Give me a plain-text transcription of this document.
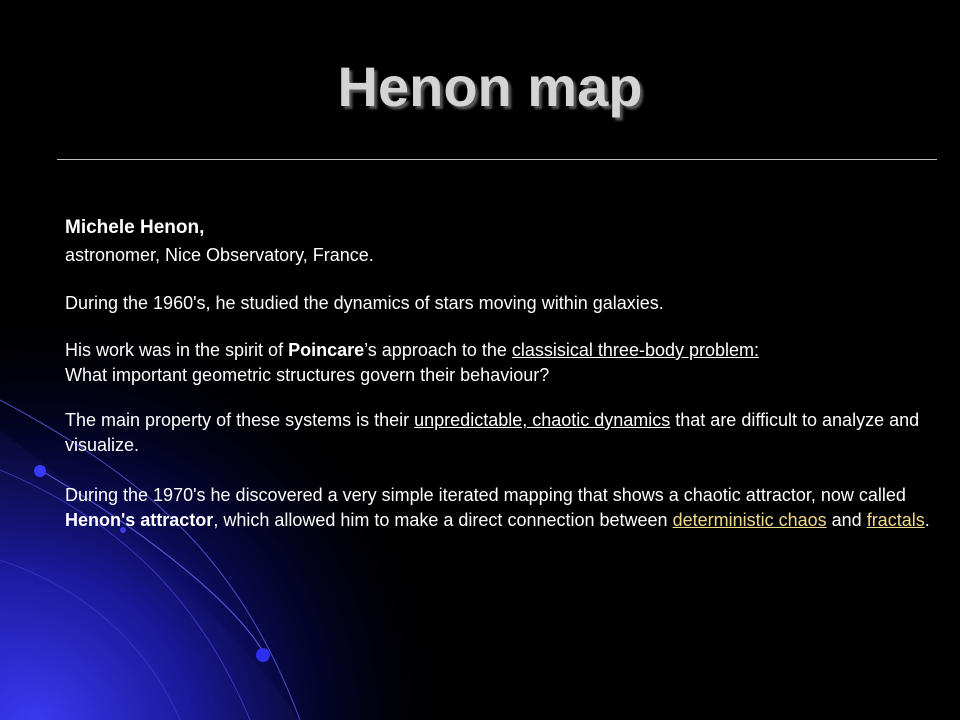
Henon map

Michele Henon,

astronomer, Nice Observatory, France.

During the 1960's, he studied the dynamics of stars moving within galaxies.

His work was in the spirit of Poincare’s approach to the classisical three-body problem:
What important geometric structures govern their behaviour?

The main property of these systems is their unpredictable, chaotic dynamics that are difficult to analyze and visualize.

During the 1970's he discovered a very simple iterated mapping that shows a chaotic attractor, now called Henon's attractor, which allowed him to make a direct connection between deterministic chaos and fractals.
